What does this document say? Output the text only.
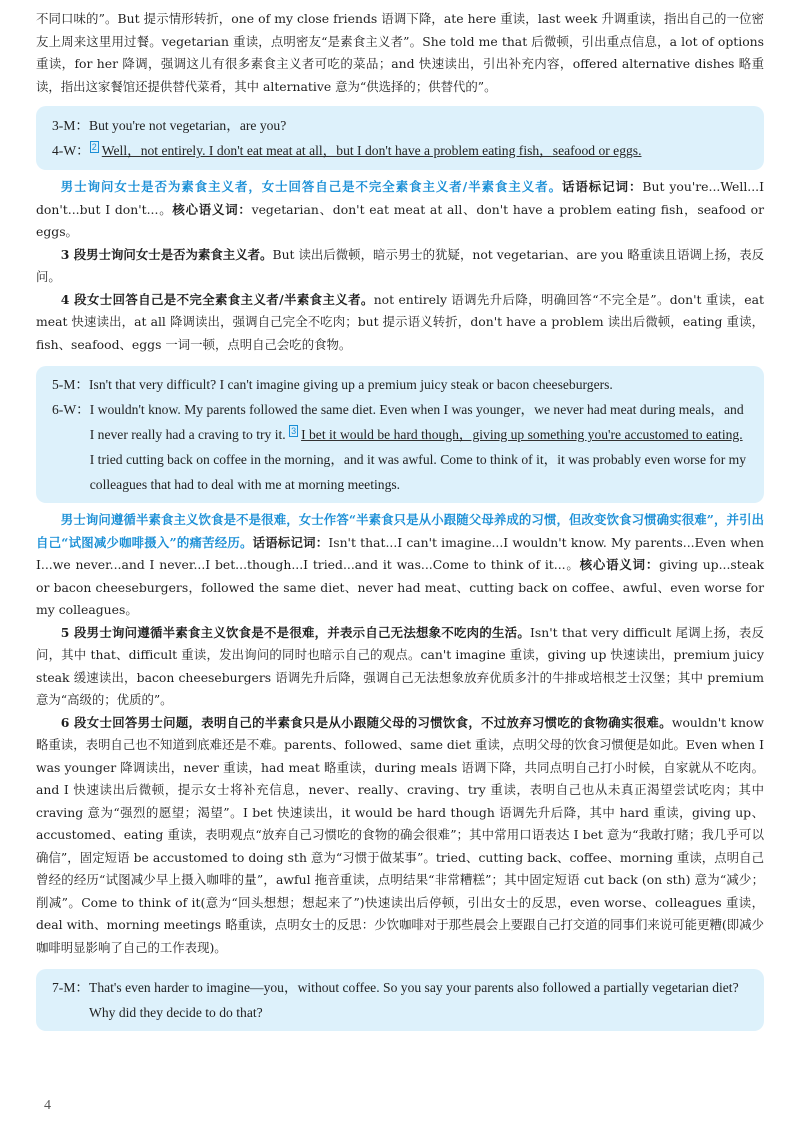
不同口味的”。But 提示情形转折，one of my close friends 语调下降，ate here 重读，last week 升调重读，指出自己的一位密友上周来这里用过餐。vegetarian 重读，点明密友“是素食主义者”。She told me that 后微顿，引出重点信息，a lot of options 重读，for her 降调，强调这儿有很多素食主义者可吃的菜品；and 快速读出，引出补充内容，offered alternative dishes 略重读，指出这家餐馆还提供替代菜肴，其中 alternative 意为“供选择的；供替代的”。

3-M： But you're not vegetarian，are you?
4-W： 2 Well，not entirely. I don't eat meat at all，but I don't have a problem eating fish，seafood or eggs.

男士询问女士是否为素食主义者，女士回答自己是不完全素食主义者/半素食主义者。话语标记词：But you're...Well...I don't...but I don't...。核心语义词：vegetarian、don't eat meat at all、don't have a problem eating fish，seafood or eggs。

3 段男士询问女士是否为素食主义者。But 读出后微顿，暗示男士的犹疑，not vegetarian、are you 略重读且语调上扬，表反问。

4 段女士回答自己是不完全素食主义者/半素食主义者。not entirely 语调先升后降，明确回答“不完全是”。don't 重读，eat meat 快速读出，at all 降调读出，强调自己完全不吃肉；but 提示语义转折，don't have a problem 读出后微顿，eating 重读，fish、seafood、eggs 一词一顿，点明自己会吃的食物。

5-M： Isn't that very difficult? I can't imagine giving up a premium juicy steak or bacon cheeseburgers.
6-W： I wouldn't know. My parents followed the same diet. Even when I was younger，we never had meat during meals，and I never really had a craving to try it. 3 I bet it would be hard though，giving up something you're accustomed to eating. I tried cutting back on coffee in the morning，and it was awful. Come to think of it，it was probably even worse for my colleagues that had to deal with me at morning meetings.

男士询问遵循半素食主义饮食是不是很难，女士作答“半素食只是从小跟随父母养成的习惯，但改变饮食习惯确实很难”，并引出自己“试图减少咖啡摄入”的痛苦经历。话语标记词：Isn't that...I can't imagine...I wouldn't know. My parents...Even when I...we never...and I never...I bet...though...I tried...and it was...Come to think of it...。核心语义词：giving up...steak or bacon cheeseburgers，followed the same diet、never had meat、cutting back on coffee、awful、even worse for my colleagues。

5 段男士询问遵循半素食主义饮食是不是很难，并表示自己无法想象不吃肉的生活。Isn't that very difficult 尾调上扬，表反问，其中 that、difficult 重读，发出询问的同时也暗示自己的观点。can't imagine 重读，giving up 快速读出，premium juicy steak 缓速读出，bacon cheeseburgers 语调先升后降，强调自己无法想象放弃优质多汁的牛排或培根芝士汉堡；其中 premium 意为“高级的；优质的”。

6 段女士回答男士问题，表明自己的半素食只是从小跟随父母的习惯饮食，不过放弃习惯吃的食物确实很难。wouldn't know 略重读，表明自己也不知道到底难还是不难。parents、followed、same diet 重读，点明父母的饮食习惯便是如此。Even when I was younger 降调读出，never 重读，had meat 略重读，during meals 语调下降，共同点明自己打小时候，自家就从不吃肉。and I 快速读出后微顿，提示女士将补充信息，never、really、craving、try 重读，表明自己也从未真正渴望尝试吃肉；其中 craving 意为“强烈的愿望；渴望”。I bet 快速读出，it would be hard though 语调先升后降，其中 hard 重读，giving up、accustomed、eating 重读，表明观点“放弃自己习惯吃的食物的确会很难”；其中常用口语表达 I bet 意为“我敢打赌；我几乎可以确信”，固定短语 be accustomed to doing sth 意为“习惯于做某事”。tried、cutting back、coffee、morning 重读，点明自己曾经的经历“试图减少早上摄入咖啡的量”，awful 拖音重读，点明结果“非常糟糕”；其中固定短语 cut back (on sth) 意为“减少；削减”。Come to think of it(意为“回头想想；想起来了”)快速读出后停顿，引出女士的反思，even worse、colleagues 重读，deal with、morning meetings 略重读，点明女士的反思：少饮咖啡对于那些晨会上要跟自己打交道的同事们来说可能更糟(即减少咖啡明显影响了自己的工作表现)。

7-M： That's even harder to imagine—you，without coffee. So you say your parents also followed a partially vegetarian diet? Why did they decide to do that?
4
